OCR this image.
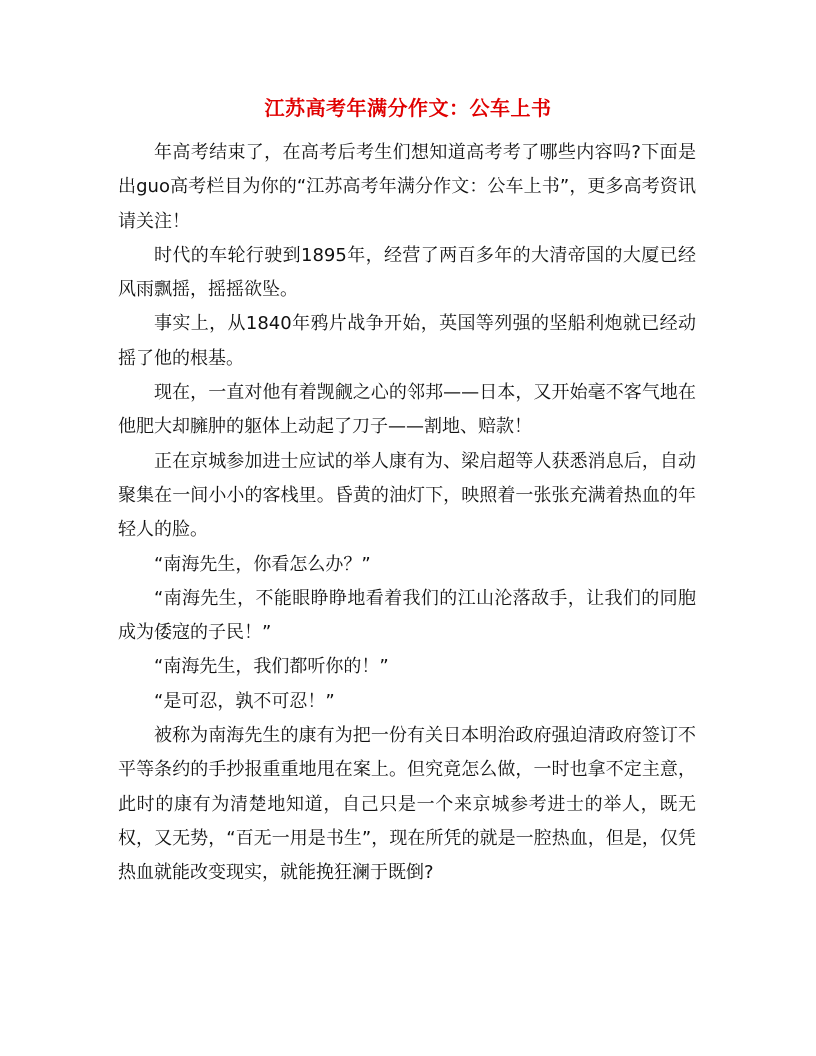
江苏高考年满分作文：公车上书

年高考结束了，在高考后考生们想知道高考考了哪些内容吗?下面是出guo高考栏目为你的“江苏高考年满分作文：公车上书”，更多高考资讯请关注！

时代的车轮行驶到1895年，经营了两百多年的大清帝国的大厦已经风雨飘摇，摇摇欲坠。

事实上，从1840年鸦片战争开始，英国等列强的坚船利炮就已经动摇了他的根基。

现在，一直对他有着觊觎之心的邻邦——日本，又开始毫不客气地在他肥大却臃肿的躯体上动起了刀子——割地、赔款！

正在京城参加进士应试的举人康有为、梁启超等人获悉消息后，自动聚集在一间小小的客栈里。昏黄的油灯下，映照着一张张充满着热血的年轻人的脸。

“南海先生，你看怎么办？”

“南海先生，不能眼睁睁地看着我们的江山沦落敌手，让我们的同胞成为倭寇的子民！”

“南海先生，我们都听你的！”

“是可忍，孰不可忍！”

被称为南海先生的康有为把一份有关日本明治政府强迫清政府签订不平等条约的手抄报重重地甩在案上。但究竟怎么做，一时也拿不定主意，此时的康有为清楚地知道，自己只是一个来京城参考进士的举人，既无权，又无势，“百无一用是书生”，现在所凭的就是一腔热血，但是，仅凭热血就能改变现实，就能挽狂澜于既倒?
